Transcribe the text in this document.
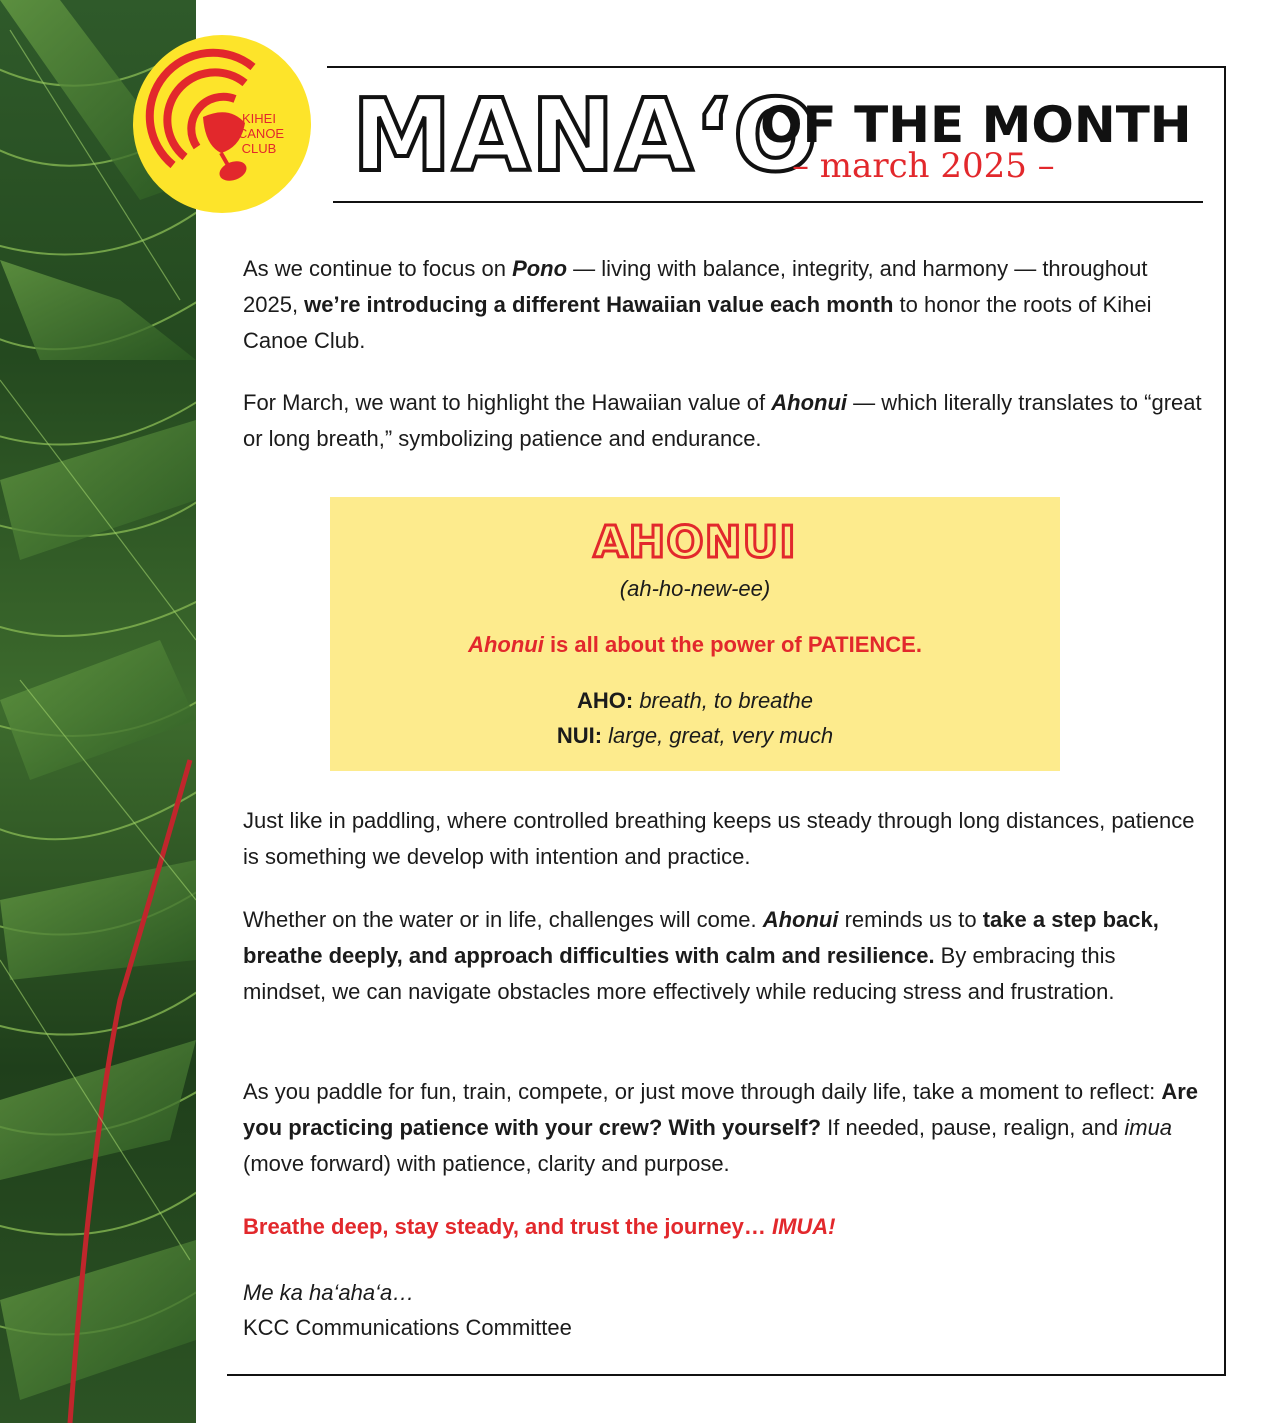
KIHEI
CANOE
CLUB MANA‘O
OF THE MONTH
– march 2025 –
As we continue to focus on Pono — living with balance, integrity, and harmony — throughout 2025, we’re introducing a different Hawaiian value each month to honor the roots of Kihei Canoe Club.
For March, we want to highlight the Hawaiian value of Ahonui — which literally translates to “great or long breath,” symbolizing patience and endurance.
AHONUI
(ah-ho-new-ee)
Ahonui is all about the power of PATIENCE.
AHO: breath, to breathe
NUI: large, great, very much
Just like in paddling, where controlled breathing keeps us steady through long distances, patience is something we develop with intention and practice.
Whether on the water or in life, challenges will come. Ahonui reminds us to take a step back, breathe deeply, and approach difficulties with calm and resilience. By embracing this mindset, we can navigate obstacles more effectively while reducing stress and frustration.
As you paddle for fun, train, compete, or just move through daily life, take a moment to reflect: Are you practicing patience with your crew? With yourself? If needed, pause, realign, and imua (move forward) with patience, clarity and purpose.
Breathe deep, stay steady, and trust the journey… IMUA!
Me ka ha‘aha‘a…
KCC Communications Committee
